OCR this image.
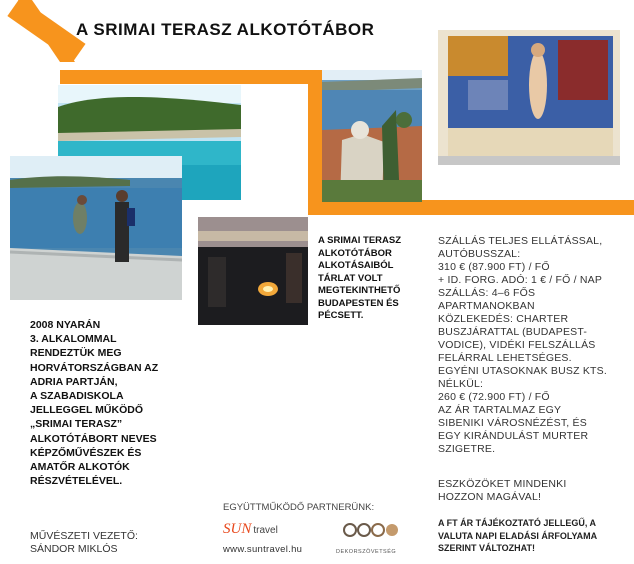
A SRIMAI TERASZ ALKOTÓTÁBOR
A SRIMAI TERASZ
ALKOTÓTÁBOR
ALKOTÁSAIBÓL
TÁRLAT VOLT
MEGTEKINTHETŐ
BUDAPESTEN ÉS
PÉCSETT.
SZÁLLÁS TELJES ELLÁTÁSSAL,
AUTÓBUSSZAL:
310 € (87.900 FT) / FŐ
+ ID. FORG. ADÓ: 1 € / FŐ / NAP
SZÁLLÁS: 4–6 FŐS
APARTMANOKBAN
KÖZLEKEDÉS: CHARTER
BUSZJÁRATTAL (BUDAPEST-
VODICE), VIDÉKI FELSZÁLLÁS
FELÁRRAL LEHETSÉGES.
EGYÉNI UTASOKNAK BUSZ KTS.
NÉLKÜL:
260 € (72.900 FT) / FŐ
AZ ÁR TARTALMAZ EGY
SIBENIKI VÁROSNÉZÉST, ÉS
EGY KIRÁNDULÁST MURTER
SZIGETRE.
ESZKÖZÖKET MINDENKI
HOZZON MAGÁVAL!
A FT ÁR TÁJÉKOZTATÓ JELLEGŰ, A
VALUTA NAPI ELADÁSI ÁRFOLYAMA
SZERINT VÁLTOZHAT!
2008 NYARÁN
3. ALKALOMMAL
RENDEZTÜK MEG
HORVÁTORSZÁGBAN AZ
ADRIA PARTJÁN,
A SZABADISKOLA
JELLEGGEL MŰKÖDŐ
„SRIMAI TERASZ”
ALKOTÓTÁBORT NEVES
KÉPZŐMŰVÉSZEK ÉS
AMATŐR ALKOTÓK
RÉSZVÉTELÉVEL.
MŰVÉSZETI VEZETŐ:
SÁNDOR MIKLÓS
EGYÜTTMŰKÖDŐ PARTNERÜNK:
SUN travel
www.suntravel.hu	DEKORSZÖVETSÉG
